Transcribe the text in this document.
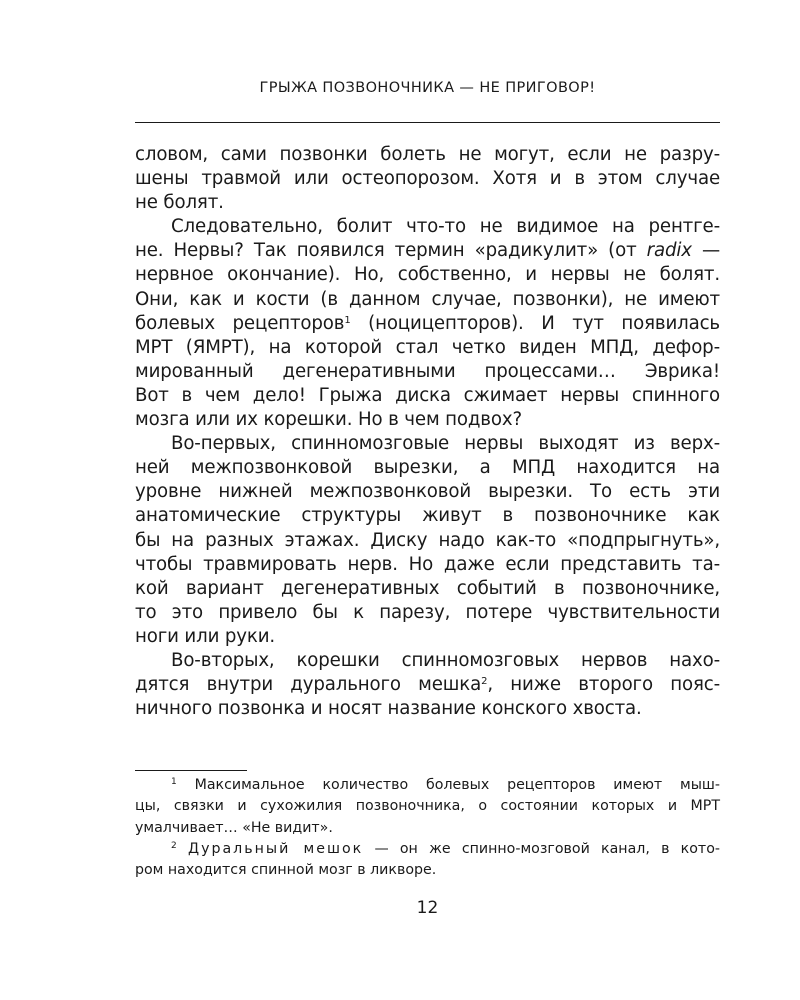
ГРЫЖА ПОЗВОНОЧНИКА — НЕ ПРИГОВОР!
словом, сами позвонки болеть не могут, если не разру-
шены травмой или остеопорозом. Хотя и в этом случае
не болят.
Следовательно, болит что-то не видимое на рентге-
не. Нервы? Так появился термин «радикулит» (от radix —
нервное окончание). Но, собственно, и нервы не болят.
Они, как и кости (в данном случае, позвонки), не имеют
болевых рецепторов$^1$ (ноцицепторов). И тут появилась
МРТ (ЯМРТ), на которой стал четко виден МПД, дефор-
мированный дегенеративными процессами… Эврика!
Вот в чем дело! Грыжа диска сжимает нервы спинного
мозга или их корешки. Но в чем подвох?
Во-первых, спинномозговые нервы выходят из верх-
ней межпозвонковой вырезки, а МПД находится на
уровне нижней межпозвонковой вырезки. То есть эти
анатомические структуры живут в позвоночнике как
бы на разных этажах. Диску надо как-то «подпрыгнуть»,
чтобы травмировать нерв. Но даже если представить та-
кой вариант дегенеративных событий в позвоночнике,
то это привело бы к парезу, потере чувствительности
ноги или руки.
Во-вторых, корешки спинномозговых нервов нахо-
дятся внутри дурального мешка$^2$, ниже второго пояс-
ничного позвонка и носят название конского хвоста.
$^1$ Максимальное количество болевых рецепторов имеют мыш-
цы, связки и сухожилия позвоночника, о состоянии которых и МРТ
умалчивает… «Не видит».
$^2$ Дуральный мешок — он же спинно-мозговой канал, в кото-
ром находится спинной мозг в ликворе.
12
